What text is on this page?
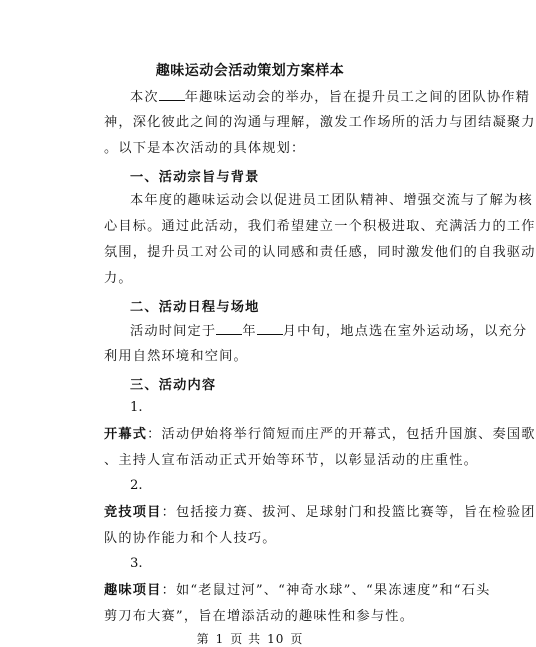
趣味运动会活动策划方案样本
本次 年趣味运动会的举办，旨在提升员工之间的团队协作精
神，深化彼此之间的沟通与理解，激发工作场所的活力与团结凝聚力
。以下是本次活动的具体规划：
一、活动宗旨与背景
本年度的趣味运动会以促进员工团队精神、增强交流与了解为核
心目标。通过此活动，我们希望建立一个积极进取、充满活力的工作
氛围，提升员工对公司的认同感和责任感，同时激发他们的自我驱动
力。
二、活动日程与场地
活动时间定于 年 月中旬，地点选在室外运动场，以充分
利用自然环境和空间。
三、活动内容
1.
开幕式：活动伊始将举行简短而庄严的开幕式，包括升国旗、奏国歌
、主持人宣布活动正式开始等环节，以彰显活动的庄重性。
2.
竞技项目：包括接力赛、拔河、足球射门和投篮比赛等，旨在检验团
队的协作能力和个人技巧。
3.
趣味项目：如“老鼠过河”、“神奇水球”、“果冻速度”和“石头
剪刀布大赛”，旨在增添活动的趣味性和参与性。
第 1 页 共 10 页
